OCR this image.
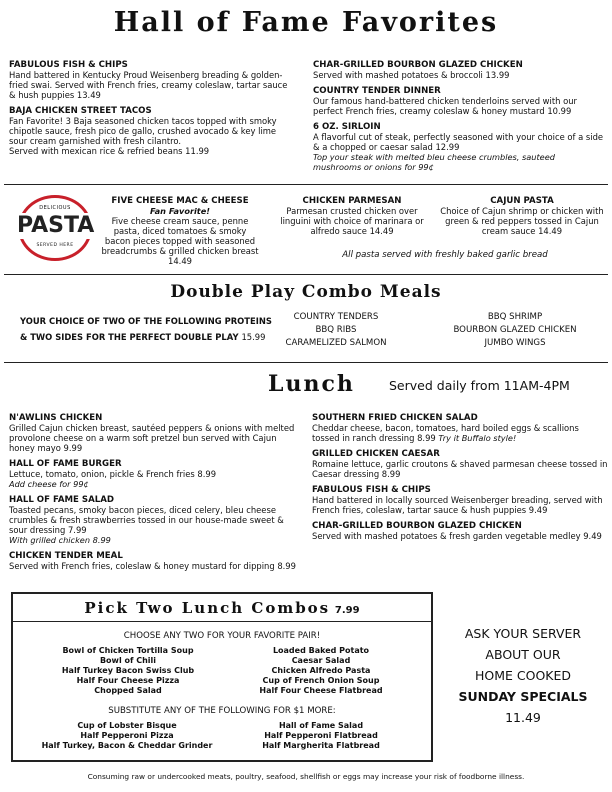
Hall of Fame Favorites
FABULOUS FISH & CHIPS
Hand battered in Kentucky Proud Weisenberg breading & golden-fried swai. Served with French fries, creamy coleslaw, tartar sauce & hush puppies 13.49
BAJA CHICKEN STREET TACOS
Fan Favorite! 3 Baja seasoned chicken tacos topped with smoky chipotle sauce, fresh pico de gallo, crushed avocado & key lime sour cream garnished with fresh cilantro.
Served with mexican rice & refried beans 11.99
CHAR-GRILLED BOURBON GLAZED CHICKEN
Served with mashed potatoes & broccoli 13.99
COUNTRY TENDER DINNER
Our famous hand-battered chicken tenderloins served with our perfect French fries, creamy coleslaw & honey mustard 10.99
6 OZ. SIRLOIN
A flavorful cut of steak, perfectly seasoned with your choice of a side & a chopped or caesar salad 12.99
Top your steak with melted bleu cheese crumbles, sauteed mushrooms or onions for 99¢
DELICIOUS
PASTA
SERVED HERE
FIVE CHEESE MAC & CHEESE
Fan Favorite!
Five cheese cream sauce, penne pasta, diced tomatoes & smoky bacon pieces topped with seasoned breadcrumbs & grilled chicken breast 14.49
CHICKEN PARMESAN
Parmesan crusted chicken over linguini with choice of marinara or alfredo sauce 14.49
CAJUN PASTA
Choice of Cajun shrimp or chicken with green & red peppers tossed in Cajun cream sauce 14.49
All pasta served with freshly baked garlic bread
Double Play Combo Meals
YOUR CHOICE OF TWO OF THE FOLLOWING PROTEINS
& TWO SIDES FOR THE PERFECT DOUBLE PLAY 15.99
COUNTRY TENDERS
BBQ RIBS
CARAMELIZED SALMON
BBQ SHRIMP
BOURBON GLAZED CHICKEN
JUMBO WINGS
Lunch	Served daily from 11AM-4PM
N'AWLINS CHICKEN
Grilled Cajun chicken breast, sautéed peppers & onions with melted provolone cheese on a warm soft pretzel bun served with Cajun honey mayo 9.99
HALL OF FAME BURGER
Lettuce, tomato, onion, pickle & French fries 8.99
Add cheese for 99¢
HALL OF FAME SALAD
Toasted pecans, smoky bacon pieces, diced celery, bleu cheese crumbles & fresh strawberries tossed in our house-made sweet & sour dressing 7.99
With grilled chicken 8.99
CHICKEN TENDER MEAL
Served with French fries, coleslaw & honey mustard for dipping 8.99
SOUTHERN FRIED CHICKEN SALAD
Cheddar cheese, bacon, tomatoes, hard boiled eggs & scallions tossed in ranch dressing 8.99 Try it Buffalo style!
GRILLED CHICKEN CAESAR
Romaine lettuce, garlic croutons & shaved parmesan cheese tossed in Caesar dressing 8.99
FABULOUS FISH & CHIPS
Hand battered in locally sourced Weisenberger breading, served with French fries, coleslaw, tartar sauce & hush puppies 9.49
CHAR-GRILLED BOURBON GLAZED CHICKEN
Served with mashed potatoes & fresh garden vegetable medley 9.49
Pick Two Lunch Combos 7.99
CHOOSE ANY TWO FOR YOUR FAVORITE PAIR!
Bowl of Chicken Tortilla Soup
Bowl of Chili
Half Turkey Bacon Swiss Club
Half Four Cheese Pizza
Chopped Salad
Loaded Baked Potato
Caesar Salad
Chicken Alfredo Pasta
Cup of French Onion Soup
Half Four Cheese Flatbread
SUBSTITUTE ANY OF THE FOLLOWING FOR $1 MORE:
Cup of Lobster Bisque
Half Pepperoni Pizza
Half Turkey, Bacon & Cheddar Grinder
Hall of Fame Salad
Half Pepperoni Flatbread
Half Margherita Flatbread
ASK YOUR SERVER
ABOUT OUR
HOME COOKED
SUNDAY SPECIALS
11.49
Consuming raw or undercooked meats, poultry, seafood, shellfish or eggs may increase your risk of foodborne illness.
